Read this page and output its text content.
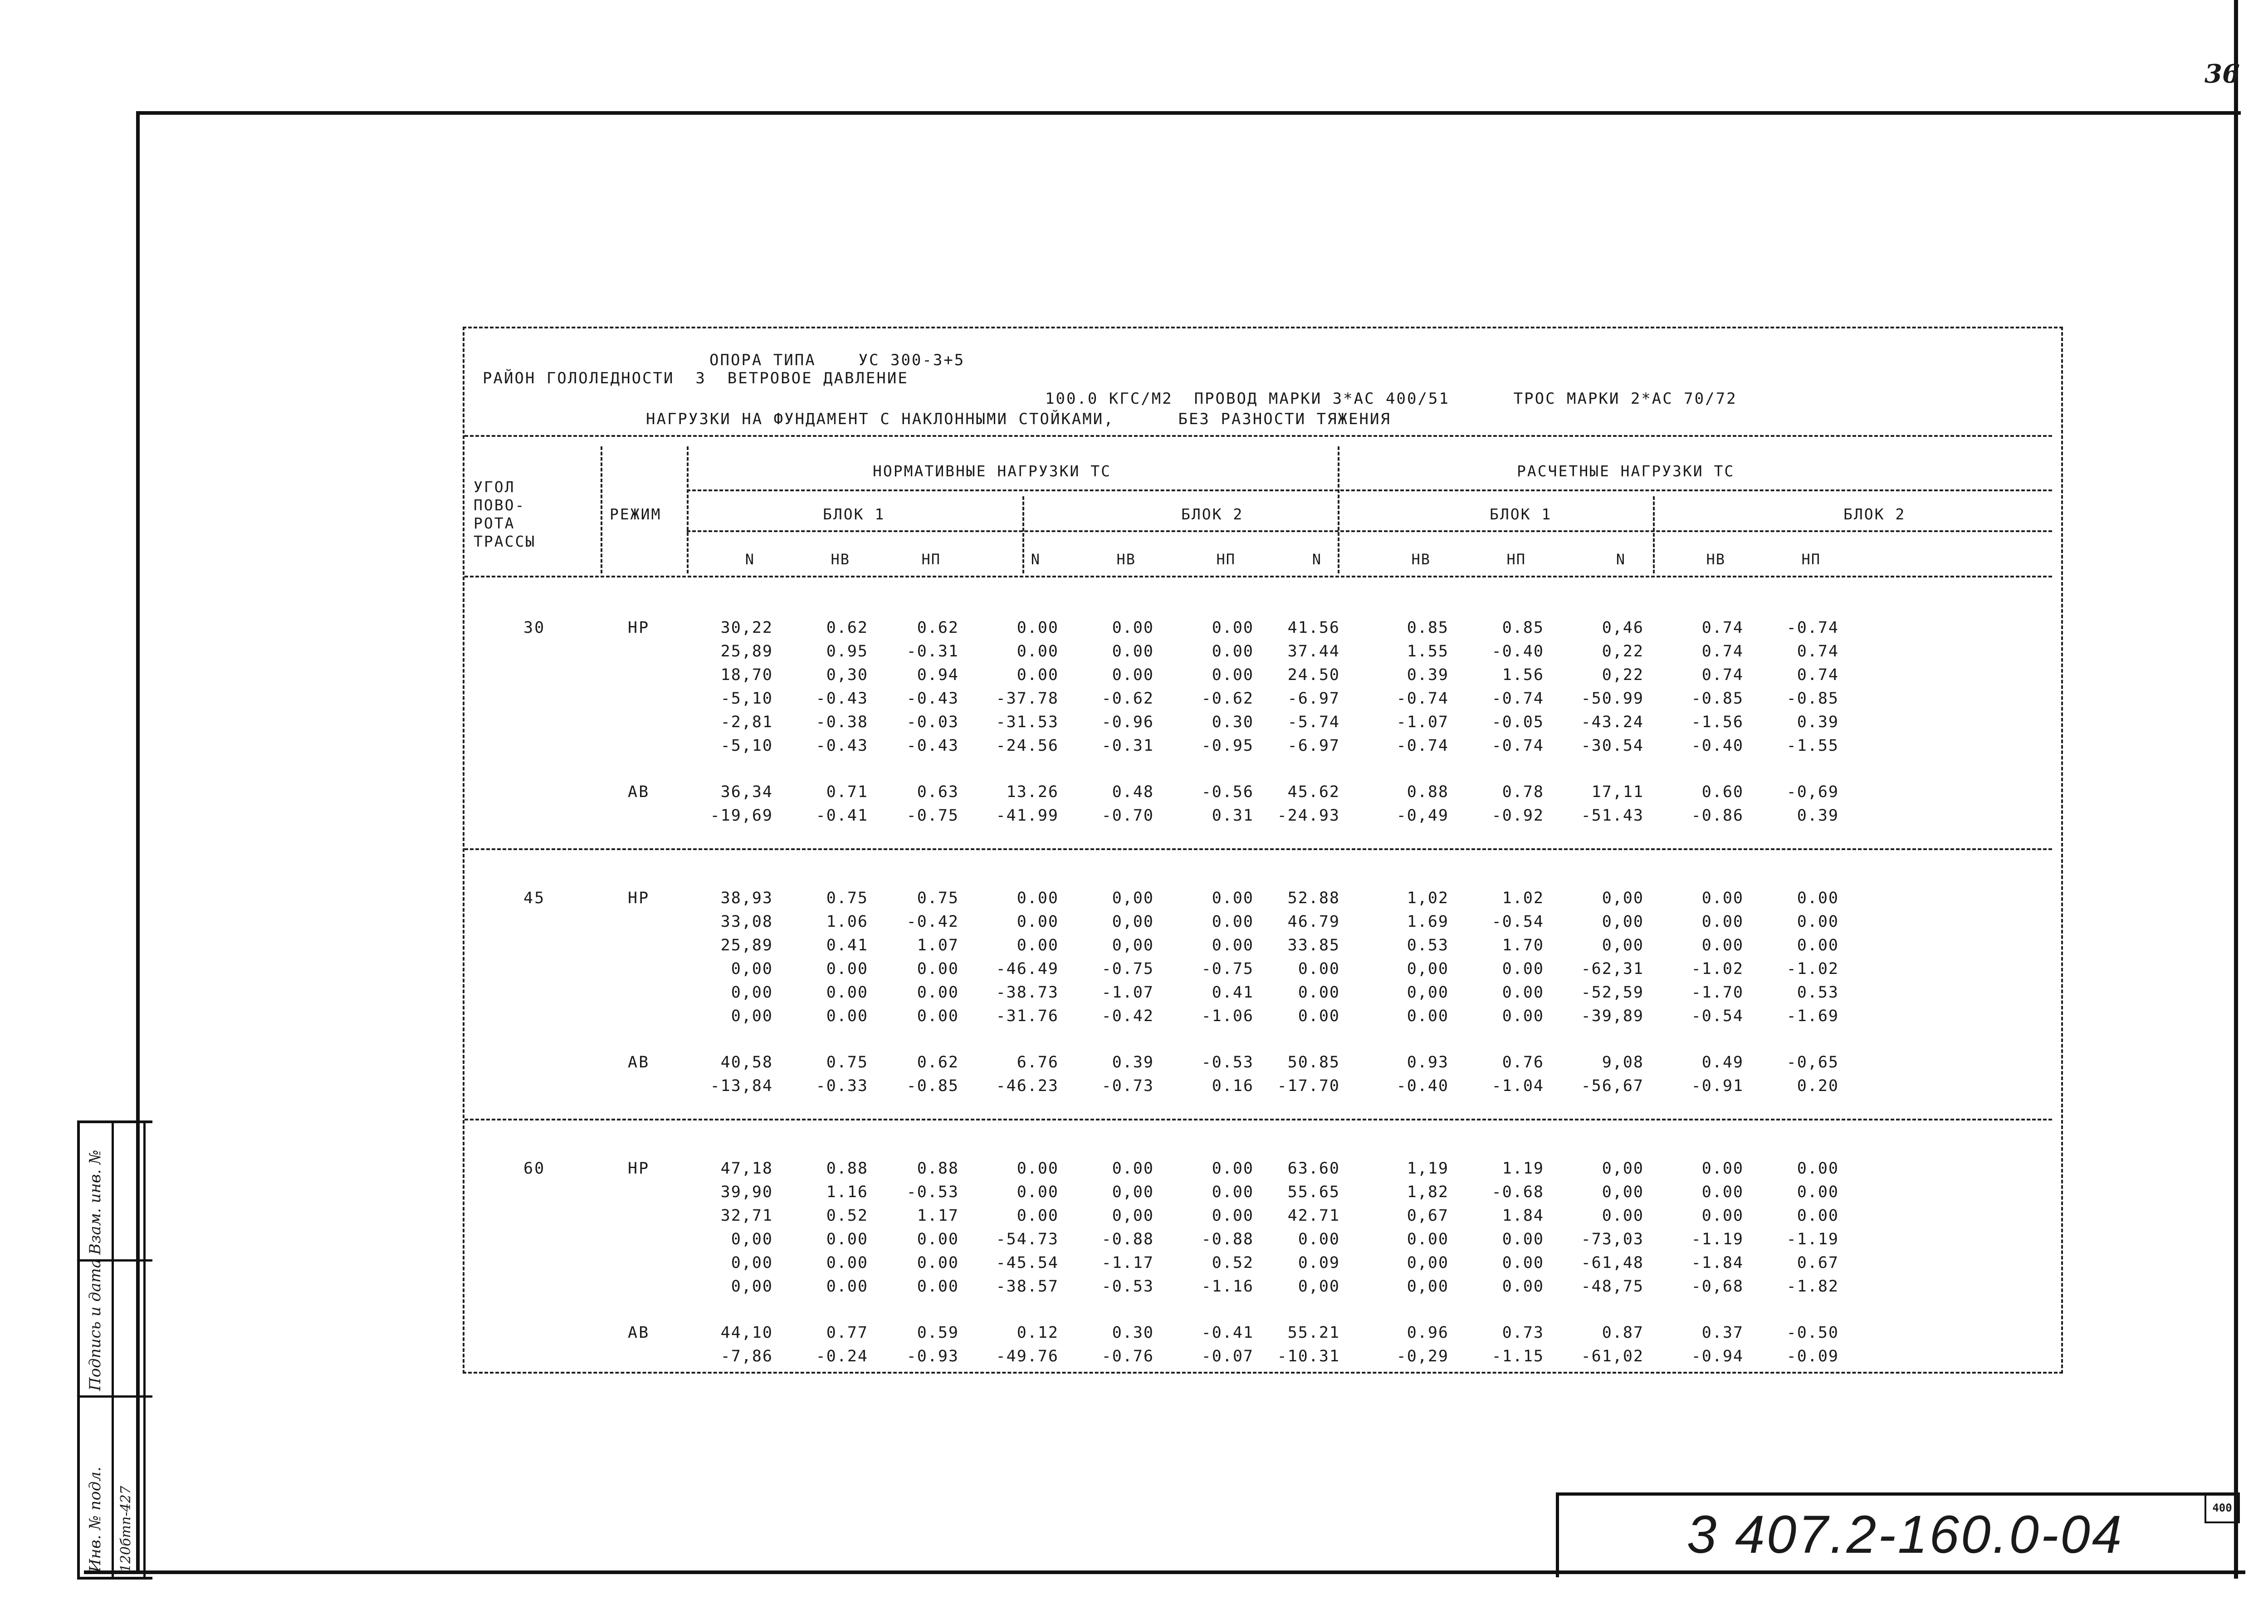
36
Инв. № подл.
Подпись и дата
Взам. инв. №
120бтп-427	3 407.2-160.0-04	400
ОПОРА ТИПА    УС 300-3+5
РАЙОН ГОЛОЛЕДНОСТИ  3  ВЕТРОВОЕ ДАВЛЕНИЕ
100.0 КГС/М2  ПРОВОД МАРКИ 3*АС 400/51      ТРОС МАРКИ 2*АС 70/72
НАГРУЗКИ НА ФУНДАМЕНТ С НАКЛОННЫМИ СТОЙКАМИ,      БЕЗ РАЗНОСТИ ТЯЖЕНИЯ
УГОЛ
ПОВО-
РОТА
ТРАССЫ
РЕЖИМ
НОРМАТИВНЫЕ НАГРУЗКИ ТС	РАСЧЕТНЫЕ НАГРУЗКИ ТС
БЛОК 1	БЛОК 2	БЛОК 1	БЛОК 2
N	НВ	НП	N	НВ	НП	N	НВ	НП	N	НВ	НП
30	НР	30,22	0.62	0.62	0.00	0.00	0.00	41.56	0.85	0.85	0,46	0.74	-0.74
25,89	0.95	-0.31	0.00	0.00	0.00	37.44	1.55	-0.40	0,22	0.74	0.74
18,70	0,30	0.94	0.00	0.00	0.00	24.50	0.39	1.56	0,22	0.74	0.74
-5,10	-0.43	-0.43	-37.78	-0.62	-0.62	-6.97	-0.74	-0.74	-50.99	-0.85	-0.85
-2,81	-0.38	-0.03	-31.53	-0.96	0.30	-5.74	-1.07	-0.05	-43.24	-1.56	0.39
-5,10	-0.43	-0.43	-24.56	-0.31	-0.95	-6.97	-0.74	-0.74	-30.54	-0.40	-1.55
АВ	36,34	0.71	0.63	13.26	0.48	-0.56	45.62	0.88	0.78	17,11	0.60	-0,69
-19,69	-0.41	-0.75	-41.99	-0.70	0.31	-24.93	-0,49	-0.92	-51.43	-0.86	0.39
45	НР	38,93	0.75	0.75	0.00	0,00	0.00	52.88	1,02	1.02	0,00	0.00	0.00
33,08	1.06	-0.42	0.00	0,00	0.00	46.79	1.69	-0.54	0,00	0.00	0.00
25,89	0.41	1.07	0.00	0,00	0.00	33.85	0.53	1.70	0,00	0.00	0.00
0,00	0.00	0.00	-46.49	-0.75	-0.75	0.00	0,00	0.00	-62,31	-1.02	-1.02
0,00	0.00	0.00	-38.73	-1.07	0.41	0.00	0,00	0.00	-52,59	-1.70	0.53
0,00	0.00	0.00	-31.76	-0.42	-1.06	0.00	0.00	0.00	-39,89	-0.54	-1.69
АВ	40,58	0.75	0.62	6.76	0.39	-0.53	50.85	0.93	0.76	9,08	0.49	-0,65
-13,84	-0.33	-0.85	-46.23	-0.73	0.16	-17.70	-0.40	-1.04	-56,67	-0.91	0.20
60	НР	47,18	0.88	0.88	0.00	0.00	0.00	63.60	1,19	1.19	0,00	0.00	0.00
39,90	1.16	-0.53	0.00	0,00	0.00	55.65	1,82	-0.68	0,00	0.00	0.00
32,71	0.52	1.17	0.00	0,00	0.00	42.71	0,67	1.84	0.00	0.00	0.00
0,00	0.00	0.00	-54.73	-0.88	-0.88	0.00	0.00	0.00	-73,03	-1.19	-1.19
0,00	0.00	0.00	-45.54	-1.17	0.52	0.09	0,00	0.00	-61,48	-1.84	0.67
0,00	0.00	0.00	-38.57	-0.53	-1.16	0,00	0,00	0.00	-48,75	-0,68	-1.82
АВ	44,10	0.77	0.59	0.12	0.30	-0.41	55.21	0.96	0.73	0.87	0.37	-0.50
-7,86	-0.24	-0.93	-49.76	-0.76	-0.07	-10.31	-0,29	-1.15	-61,02	-0.94	-0.09
